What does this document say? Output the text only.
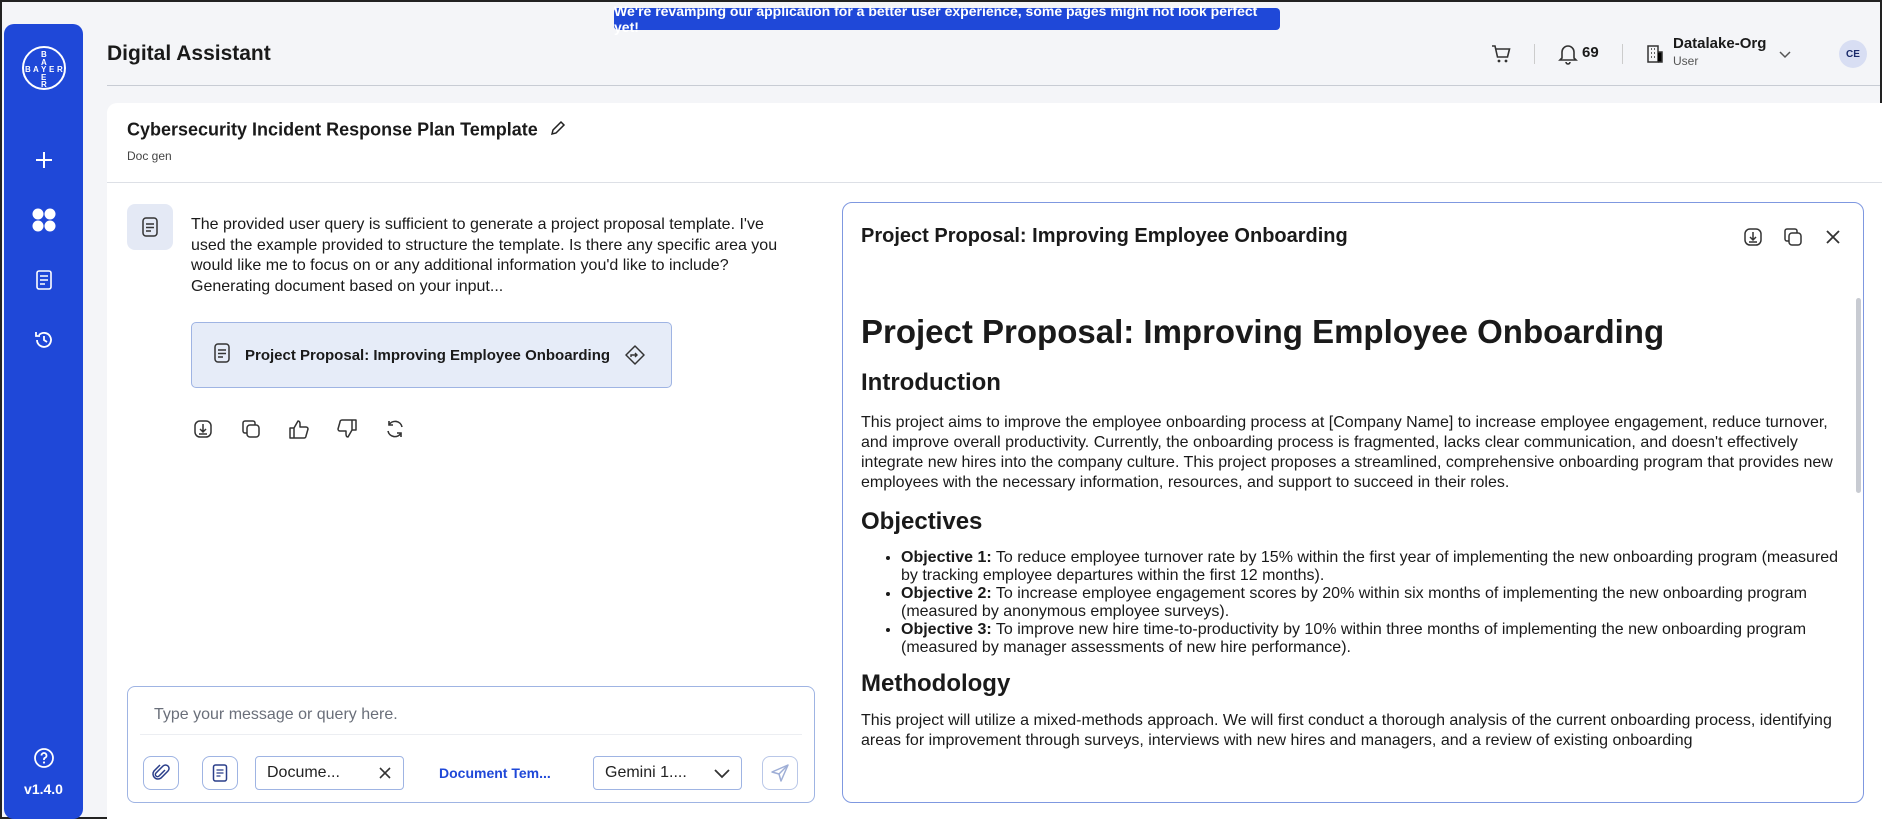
We're revamping our application for a better user experience, some pages might not look perfect yet!
B
A
B A Y E R
E
R
v1.4.0
Digital Assistant	69
Datalake-Org
User	CE
Cybersecurity Incident Response Plan Template
Doc gen
The provided user query is sufficient to generate a project proposal template. I've used the example provided to structure the template. Is there any specific area you would like me to focus on or any additional information you'd like to include? Generating document based on your input...
Project Proposal: Improving Employee Onboarding
Type your message or query here.
Docume...	Document Tem...	Gemini 1....
Project Proposal: Improving Employee Onboarding
Project Proposal: Improving Employee Onboarding
Introduction

This project aims to improve the employee onboarding process at [Company Name] to increase employee engagement, reduce turnover, and improve overall productivity. Currently, the onboarding process is fragmented, lacks clear communication, and doesn't effectively integrate new hires into the company culture. This project proposes a streamlined, comprehensive onboarding program that provides new employees with the necessary information, resources, and support to succeed in their roles.

Objectives
• Objective 1: To reduce employee turnover rate by 15% within the first year of implementing the new onboarding program (measured by tracking employee departures within the first 12 months).
• Objective 2: To increase employee engagement scores by 20% within six months of implementing the new onboarding program (measured by anonymous employee surveys).
• Objective 3: To improve new hire time-to-productivity by 10% within three months of implementing the new onboarding program (measured by manager assessments of new hire performance).
Methodology

This project will utilize a mixed-methods approach. We will first conduct a thorough analysis of the current onboarding process, identifying areas for improvement through surveys, interviews with new hires and managers, and a review of existing onboarding
